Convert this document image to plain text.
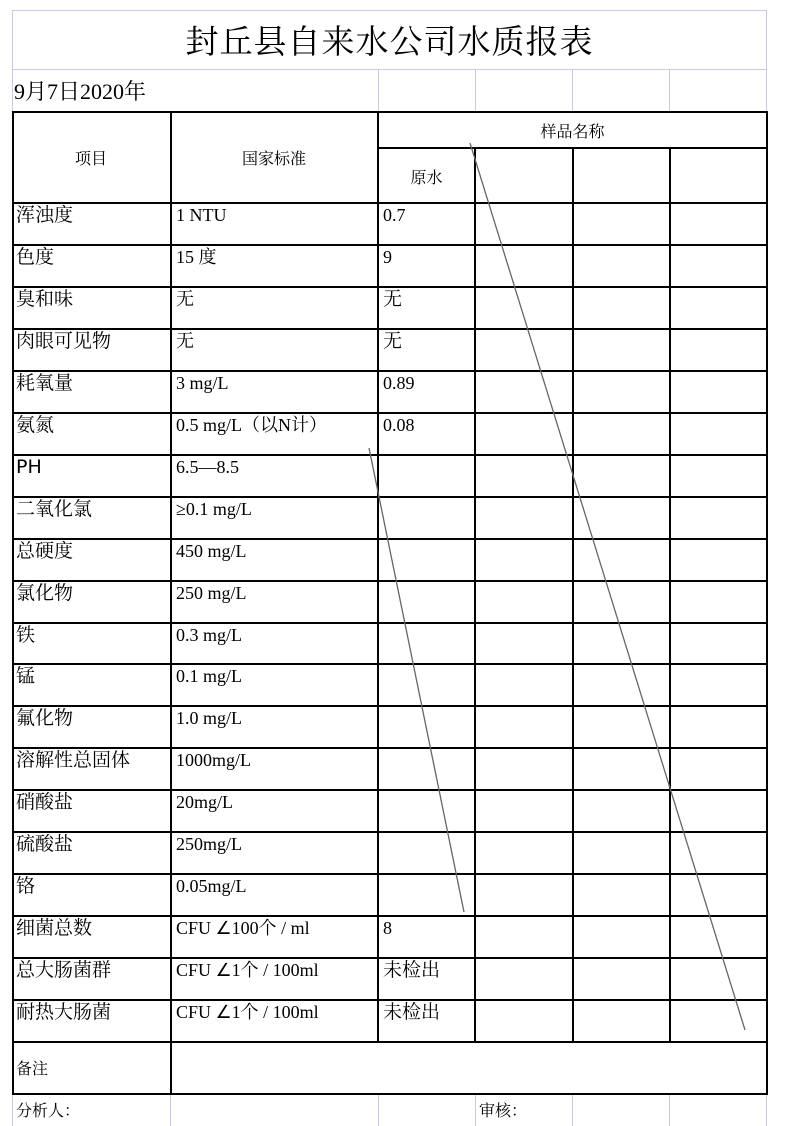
封丘县自来水公司水质报表
9月7日2020年
项目	国家标准
样品名称
原水
浑浊度	1 NTU	0.7
色度	15 度	9
臭和味	无	无
肉眼可见物	无	无
耗氧量	3 mg/L	0.89
氨氮	0.5 mg/L（以N计）	0.08
PH	6.5—8.5
二氧化氯	≥0.1 mg/L
总硬度	450 mg/L
氯化物	250 mg/L
铁	0.3 mg/L
锰	0.1 mg/L
氟化物	1.0 mg/L
溶解性总固体	1000mg/L
硝酸盐	20mg/L
硫酸盐	250mg/L
铬	0.05mg/L
细菌总数	CFU ∠100个 / ml	8
总大肠菌群	CFU ∠1个 / 100ml	未检出
耐热大肠菌	CFU ∠1个 / 100ml	未检出
备注
分析人：	审核：
